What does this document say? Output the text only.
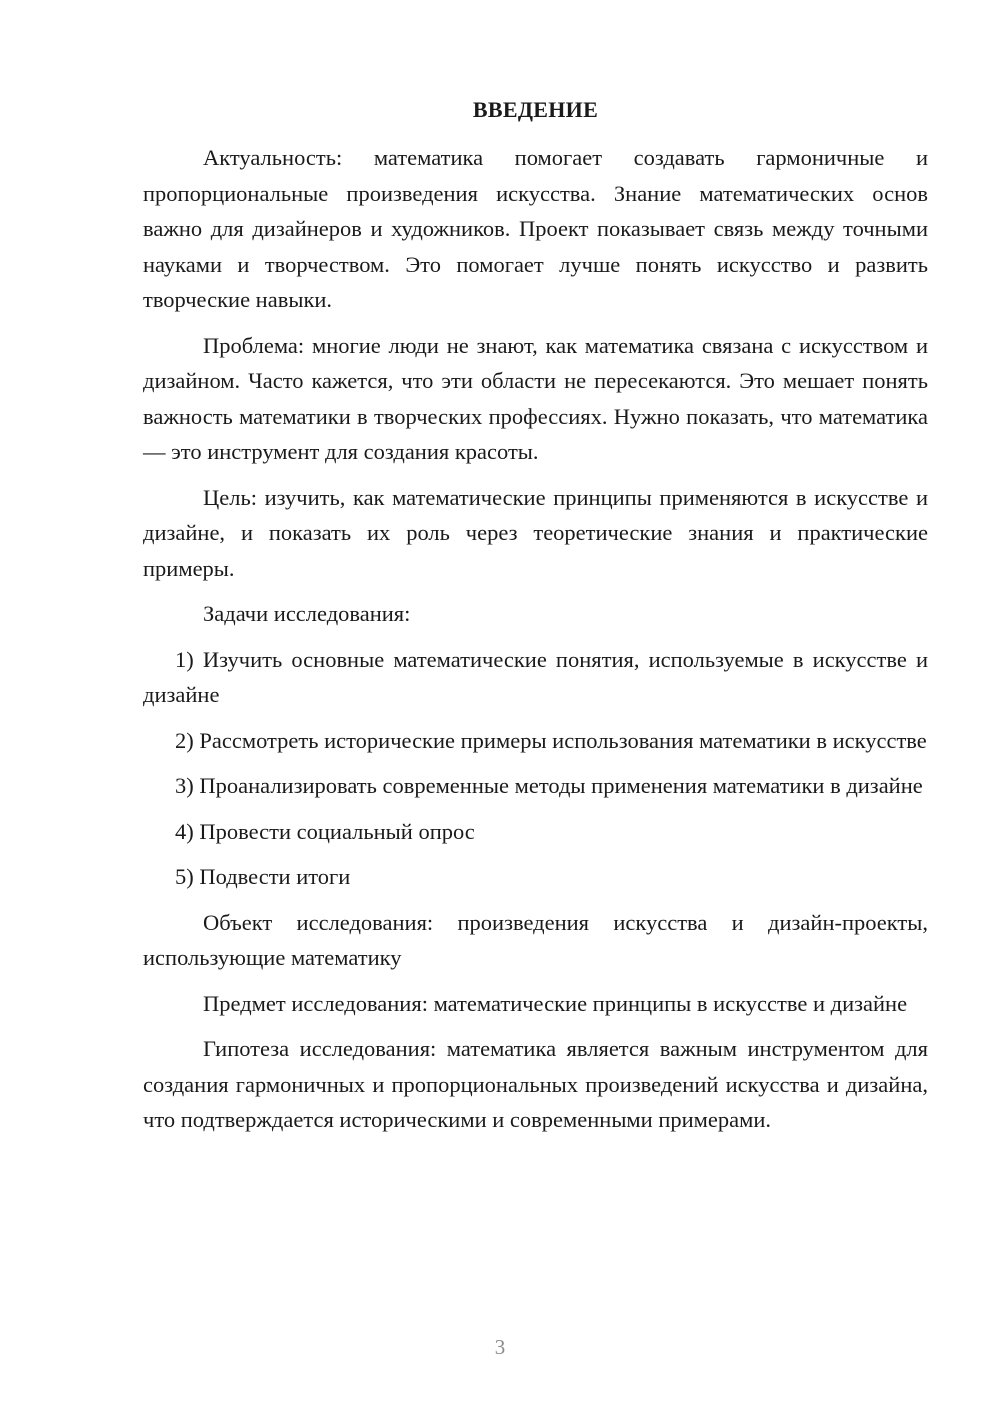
ВВЕДЕНИЕ

Актуальность: математика помогает создавать гармоничные и пропорциональные произведения искусства. Знание математических основ важно для дизайнеров и художников. Проект показывает связь между точными науками и творчеством. Это помогает лучше понять искусство и развить творческие навыки.

Проблема: многие люди не знают, как математика связана с искусством и дизайном. Часто кажется, что эти области не пересекаются. Это мешает понять важность математики в творческих профессиях. Нужно показать, что математика — это инструмент для создания красоты.

Цель: изучить, как математические принципы применяются в искусстве и дизайне, и показать их роль через теоретические знания и практические примеры.

Задачи исследования:

1) Изучить основные математические понятия, используемые в искусстве и дизайне

2) Рассмотреть исторические примеры использования математики в искусстве

3) Проанализировать современные методы применения математики в дизайне

4) Провести социальный опрос

5) Подвести итоги

Объект исследования: произведения искусства и дизайн-проекты, использующие математику

Предмет исследования: математические принципы в искусстве и дизайне

Гипотеза исследования: математика является важным инструментом для создания гармоничных и пропорциональных произведений искусства и дизайна, что подтверждается историческими и современными примерами.

3
